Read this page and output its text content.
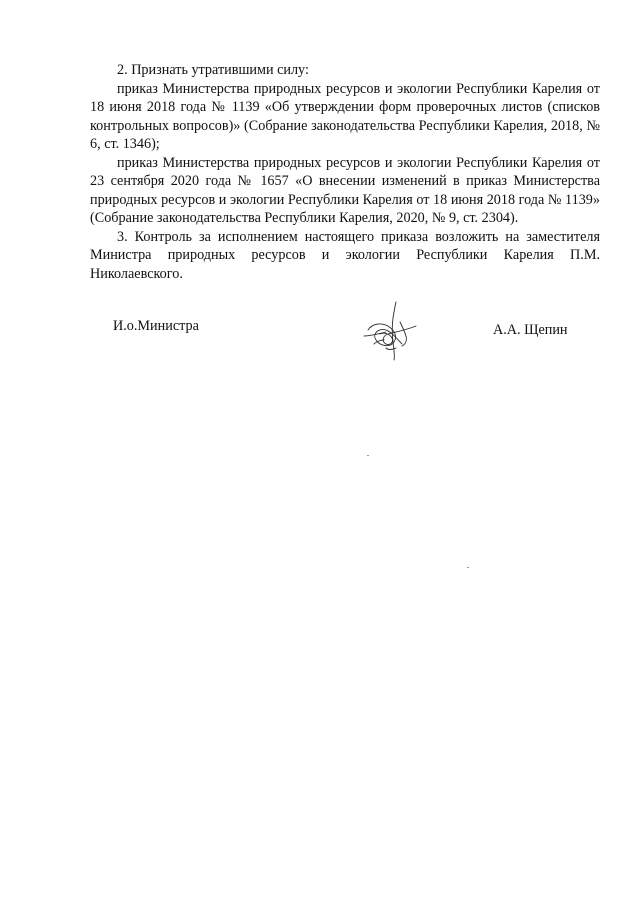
2. Признать утратившими силу:

приказ Министерства природных ресурсов и экологии Республики Карелия от 18 июня 2018 года № 1139 «Об утверждении форм проверочных листов (списков контрольных вопросов)» (Собрание законодательства Республики Карелия, 2018, № 6, ст. 1346);

приказ Министерства природных ресурсов и экологии Республики Карелия от 23 сентября 2020 года № 1657 «О внесении изменений в приказ Министерства природных ресурсов и экологии Республики Карелия от 18 июня 2018 года № 1139» (Собрание законодательства Республики Карелия, 2020, № 9, ст. 2304).

3. Контроль за исполнением настоящего приказа возложить на заместителя Министра природных ресурсов и экологии Республики Карелия П.М. Николаевского.

И.о.Министра	А.А. Щепин
